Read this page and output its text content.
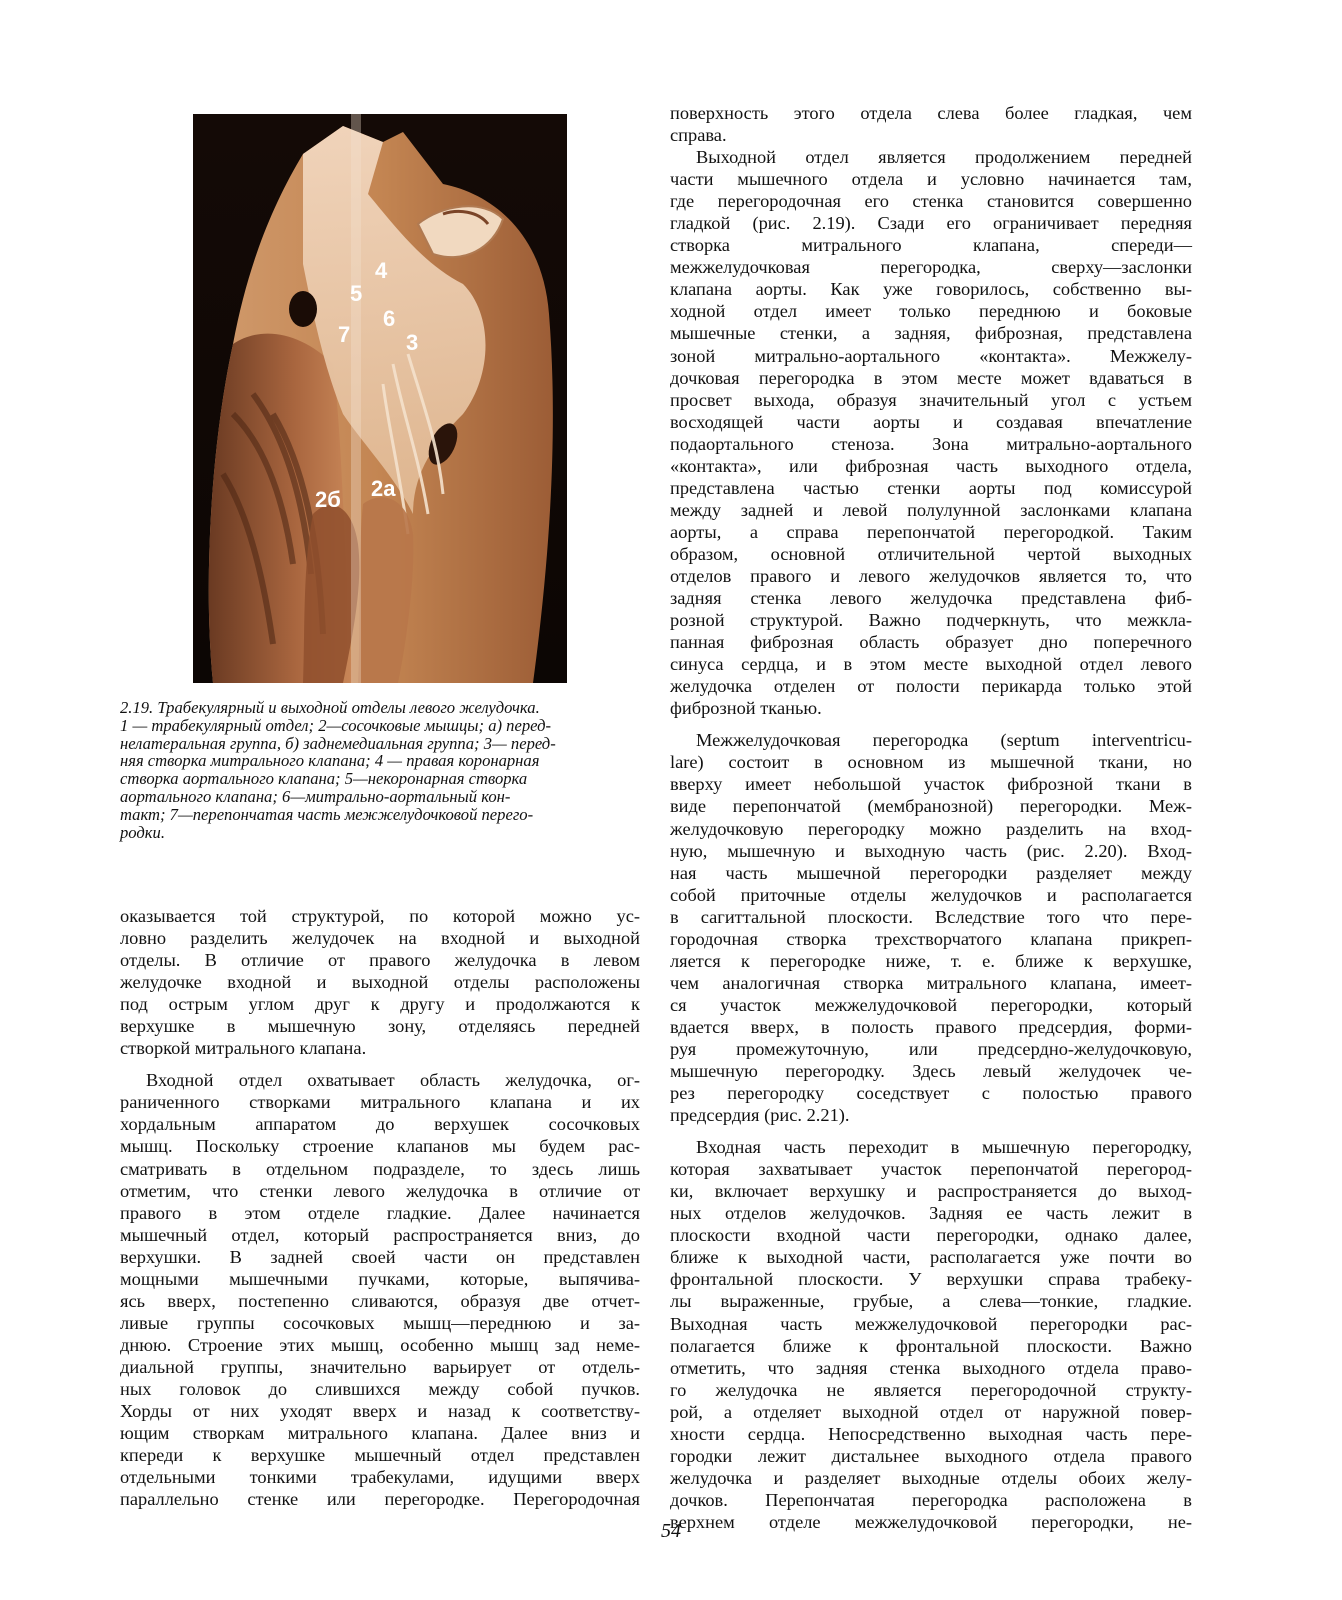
4
5
6
3
2а
2б
7
2.19. Трабекулярный и выходной отделы левого желудочка.
1 — трабекулярный отдел; 2—сосочковые мышцы; а) перед-
нелатеральная группа, б) заднемедиальная группа; 3— перед-
няя створка митрального клапана; 4 — правая коронарная
створка аортального клапана; 5—некоронарная створка
аортального клапана; 6—митрально-аортальный кон-
такт; 7—перепончатая часть межжелудочковой перего-
родки.
оказывается той структурой, по которой можно ус-
ловно разделить желудочек на входной и выходной
отделы. В отличие от правого желудочка в левом
желудочке входной и выходной отделы расположены
под острым углом друг к другу и продолжаются к
верхушке в мышечную зону, отделяясь передней
створкой митрального клапана.
Входной отдел охватывает область желудочка, ог-
раниченного створками митрального клапана и их
хордальным аппаратом до верхушек сосочковых
мышц. Поскольку строение клапанов мы будем рас-
сматривать в отдельном подразделе, то здесь лишь
отметим, что стенки левого желудочка в отличие от
правого в этом отделе гладкие. Далее начинается
мышечный отдел, который распространяется вниз, до
верхушки. В задней своей части он представлен
мощными мышечными пучками, которые, выпячива-
ясь вверх, постепенно сливаются, образуя две отчет-
ливые группы сосочковых мышц—переднюю и за-
днюю. Строение этих мышц, особенно мышц зад неме-
диальной группы, значительно варьирует от отдель-
ных головок до слившихся между собой пучков.
Хорды от них уходят вверх и назад к соответству-
ющим створкам митрального клапана. Далее вниз и
кпереди к верхушке мышечный отдел представлен
отдельными тонкими трабекулами, идущими вверх
параллельно стенке или перегородке. Перегородочная
поверхность этого отдела слева более гладкая, чем
справа.
Выходной отдел является продолжением передней
части мышечного отдела и условно начинается там,
где перегородочная его стенка становится совершенно
гладкой (рис. 2.19). Сзади его ограничивает передняя
створка митрального клапана, спереди—
межжелудочковая перегородка, сверху—заслонки
клапана аорты. Как уже говорилось, собственно вы-
ходной отдел имеет только переднюю и боковые
мышечные стенки, а задняя, фиброзная, представлена
зоной митрально-аортального «контакта». Межжелу-
дочковая перегородка в этом месте может вдаваться в
просвет выхода, образуя значительный угол с устьем
восходящей части аорты и создавая впечатление
подаортального стеноза. Зона митрально-аортального
«контакта», или фиброзная часть выходного отдела,
представлена частью стенки аорты под комиссурой
между задней и левой полулунной заслонками клапана
аорты, а справа перепончатой перегородкой. Таким
образом, основной отличительной чертой выходных
отделов правого и левого желудочков является то, что
задняя стенка левого желудочка представлена фиб-
розной структурой. Важно подчеркнуть, что межкла-
панная фиброзная область образует дно поперечного
синуса сердца, и в этом месте выходной отдел левого
желудочка отделен от полости перикарда только этой
фиброзной тканью.
Межжелудочковая перегородка (septum interventricu-
lare) состоит в основном из мышечной ткани, но
вверху имеет небольшой участок фиброзной ткани в
виде перепончатой (мембранозной) перегородки. Меж-
желудочковую перегородку можно разделить на вход-
ную, мышечную и выходную часть (рис. 2.20). Вход-
ная часть мышечной перегородки разделяет между
собой приточные отделы желудочков и располагается
в сагиттальной плоскости. Вследствие того что пере-
городочная створка трехстворчатого клапана прикреп-
ляется к перегородке ниже, т. е. ближе к верхушке,
чем аналогичная створка митрального клапана, имеет-
ся участок межжелудочковой перегородки, который
вдается вверх, в полость правого предсердия, форми-
руя промежуточную, или предсердно-желудочковую,
мышечную перегородку. Здесь левый желудочек че-
рез перегородку соседствует с полостью правого
предсердия (рис. 2.21).
Входная часть переходит в мышечную перегородку,
которая захватывает участок перепончатой перегород-
ки, включает верхушку и распространяется до выход-
ных отделов желудочков. Задняя ее часть лежит в
плоскости входной части перегородки, однако далее,
ближе к выходной части, располагается уже почти во
фронтальной плоскости. У верхушки справа трабеку-
лы выраженные, грубые, а слева—тонкие, гладкие.
Выходная часть межжелудочковой перегородки рас-
полагается ближе к фронтальной плоскости. Важно
отметить, что задняя стенка выходного отдела право-
го желудочка не является перегородочной структу-
рой, а отделяет выходной отдел от наружной повер-
хности сердца. Непосредственно выходная часть пере-
городки лежит дистальнее выходного отдела правого
желудочка и разделяет выходные отделы обоих желу-
дочков. Перепончатая перегородка расположена в
верхнем отделе межжелудочковой перегородки, не-
54
